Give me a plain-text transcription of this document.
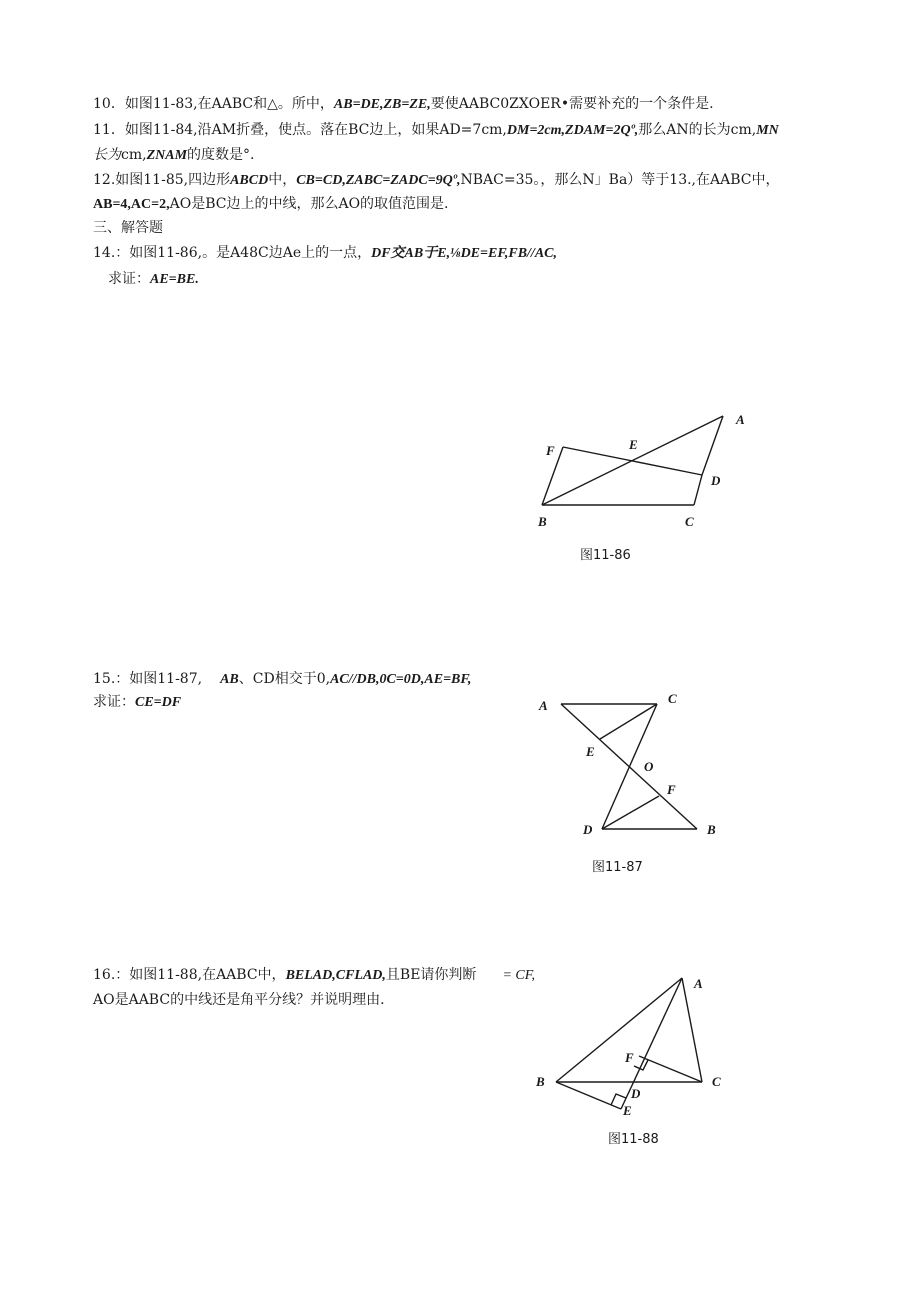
10．如图11-83,在AABC和△。所中，AB=DE,ZB=ZE,要使AABC0ZXOER•需要补充的一个条件是.
11．如图11-84,沿AM折叠，使点。落在BC边上，如果AD=7cm,DM=2cm,ZDAM=2Qº,那么AN的长为cm,MN
长为cm,ZNAM的度数是°.
12.如图11-85,四边形ABCD中，CB=CD,ZABC=ZADC=9Qº,NBAC=35。，那么N」Ba）等于13.,在AABC中，
AB=4,AC=2,AO是BC边上的中线，那么AO的取值范围是.
三、解答题
14.：如图11-86,。是A48C边Ae上的一点，DF交AB于E,⅛DE=EF,FB//AC,
求证：AE=BE.
A
B	C
D
E
F
图11-86
15.：如图11-87, AB、CD相交于0,AC//DB,0C=0D,AE=BF,
求证：CE=DF	A	C
E
O
F
D	B
图11-87
16.：如图11-88,在AABC中，BELAD,CFLAD,且BE请你判断 = CF,
AO是AABC的中线还是角平分线？并说明理由.
A
B	C
D
E
F
图11-88
